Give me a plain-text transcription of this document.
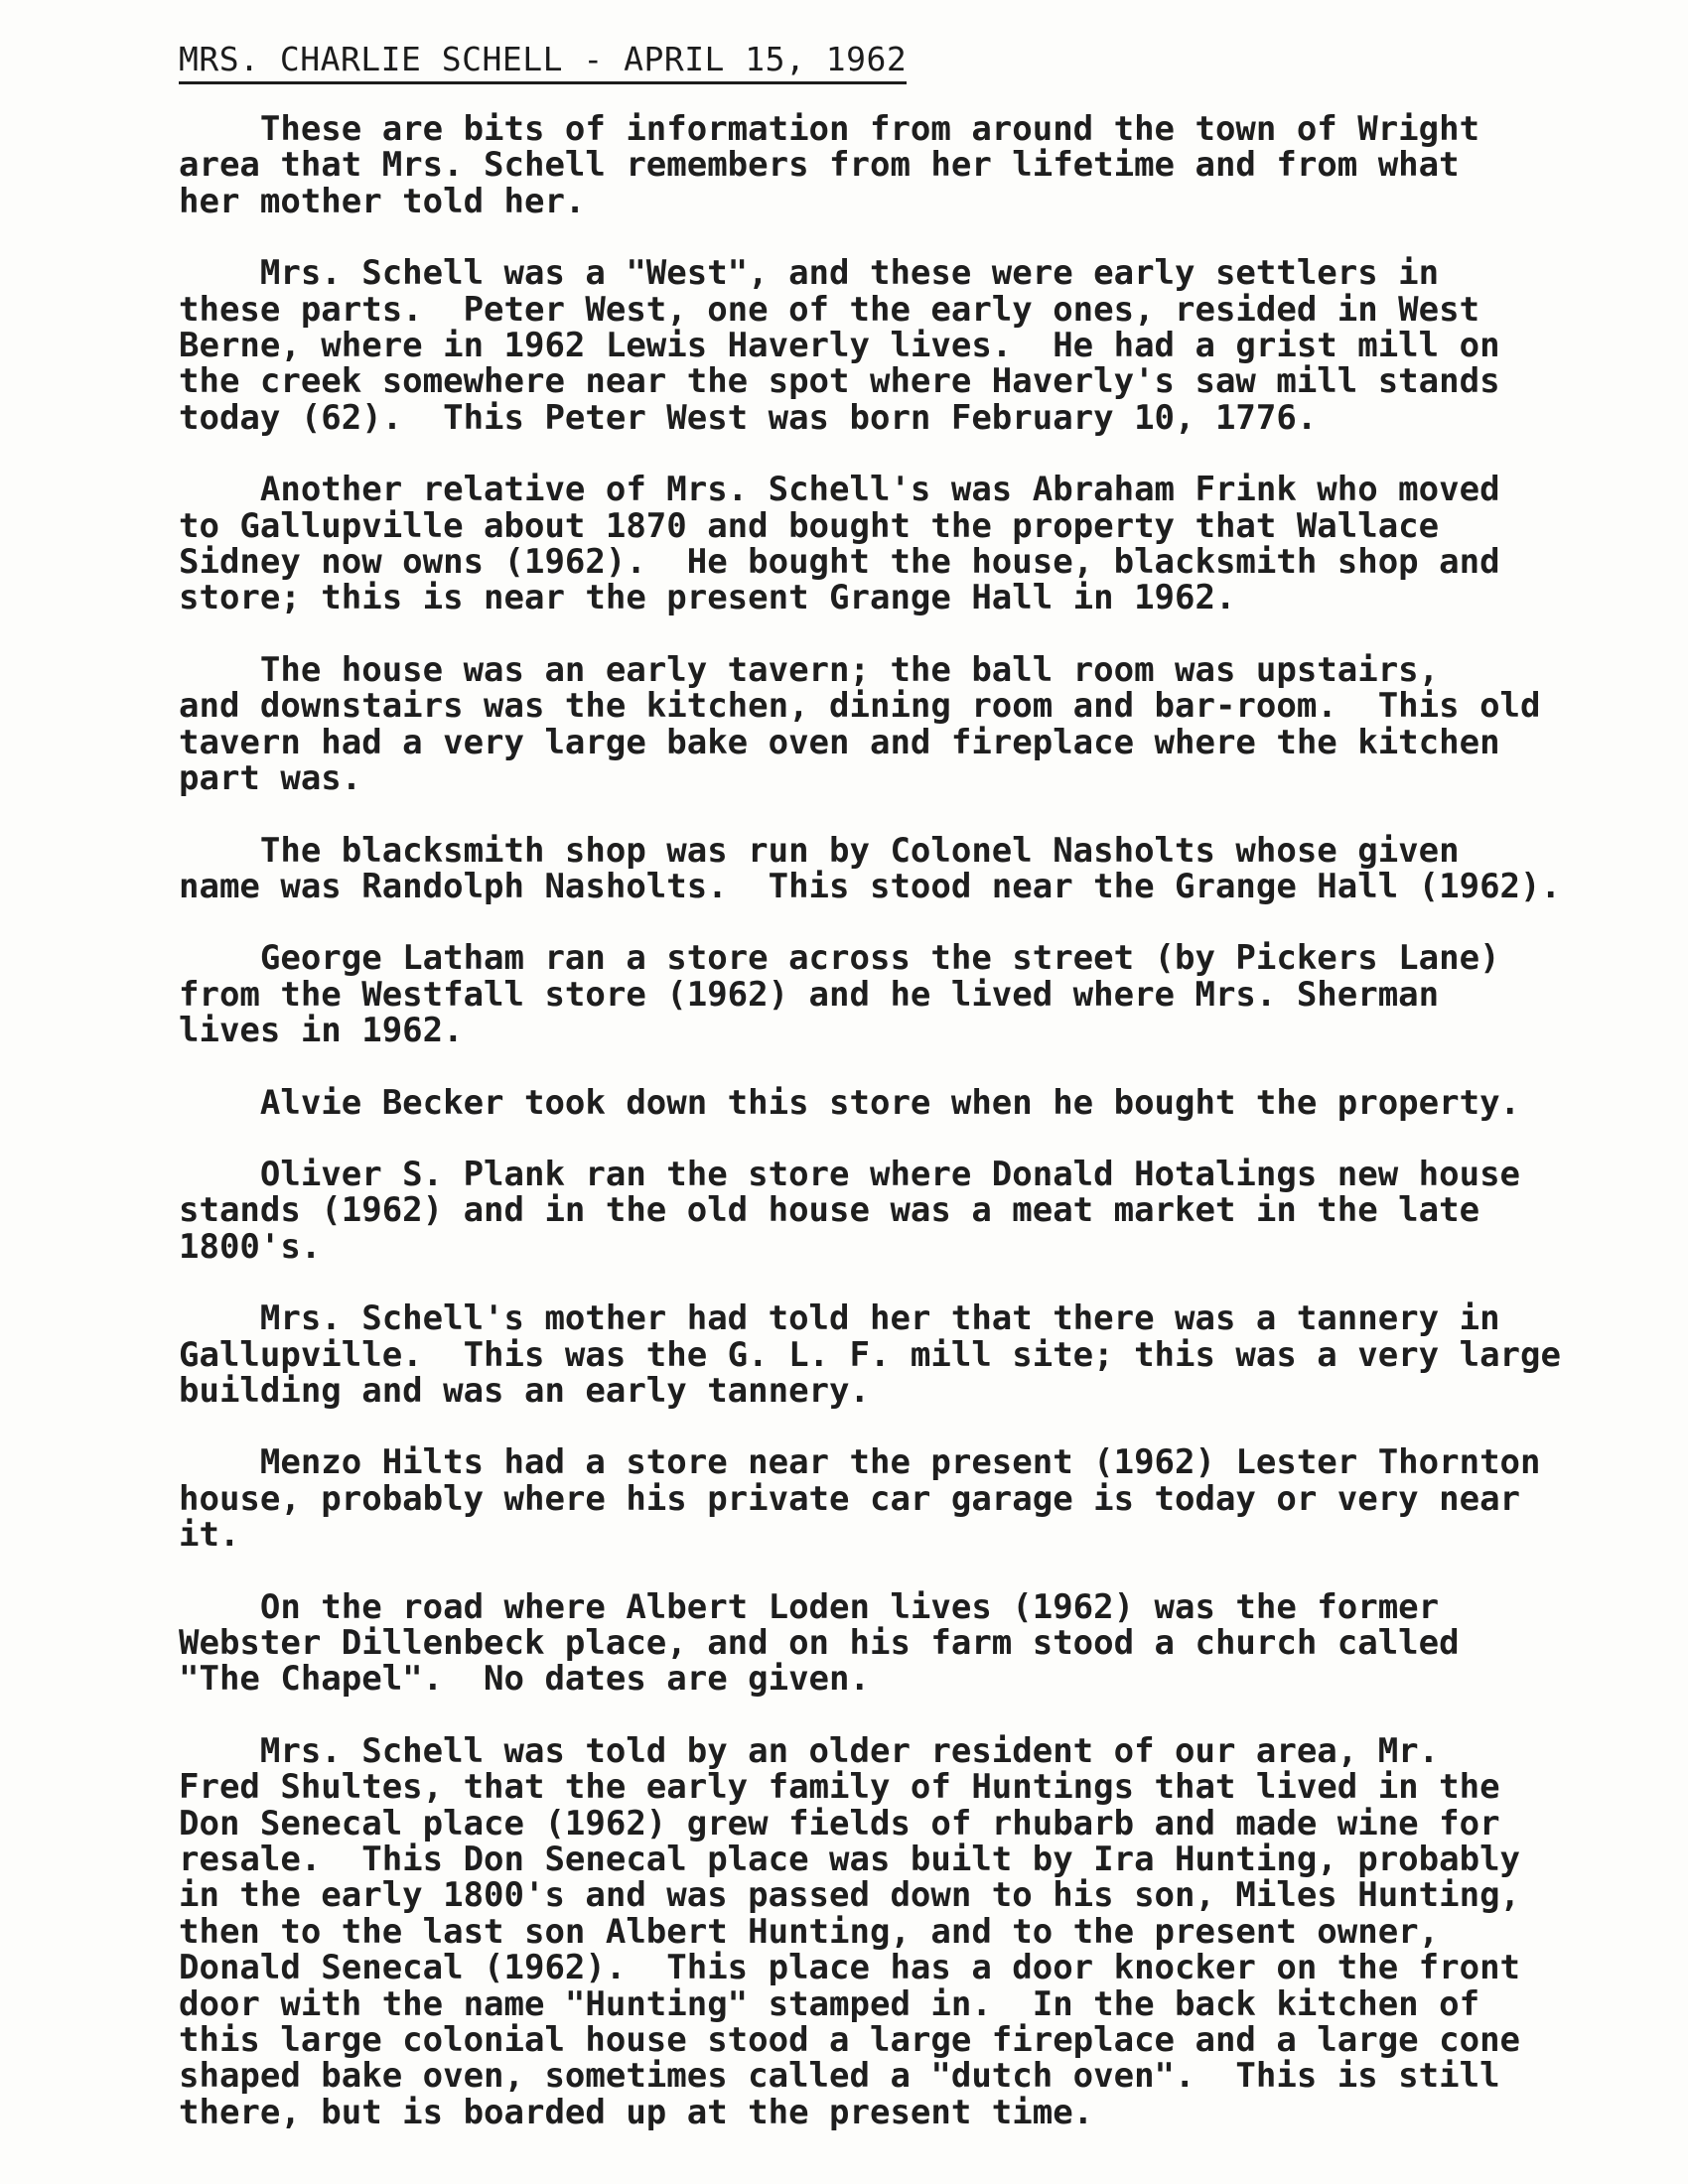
MRS. CHARLIE SCHELL - APRIL 15, 1962

These are bits of information from around the town of Wright
area that Mrs. Schell remembers from her lifetime and from what
her mother told her.

Mrs. Schell was a "West", and these were early settlers in
these parts.  Peter West, one of the early ones, resided in West
Berne, where in 1962 Lewis Haverly lives.  He had a grist mill on
the creek somewhere near the spot where Haverly's saw mill stands
today (62).  This Peter West was born February 10, 1776.

Another relative of Mrs. Schell's was Abraham Frink who moved
to Gallupville about 1870 and bought the property that Wallace
Sidney now owns (1962).  He bought the house, blacksmith shop and
store; this is near the present Grange Hall in 1962.

The house was an early tavern; the ball room was upstairs,
and downstairs was the kitchen, dining room and bar-room.  This old
tavern had a very large bake oven and fireplace where the kitchen
part was.

The blacksmith shop was run by Colonel Nasholts whose given
name was Randolph Nasholts.  This stood near the Grange Hall (1962).

George Latham ran a store across the street (by Pickers Lane)
from the Westfall store (1962) and he lived where Mrs. Sherman
lives in 1962.

Alvie Becker took down this store when he bought the property.

Oliver S. Plank ran the store where Donald Hotalings new house
stands (1962) and in the old house was a meat market in the late
1800's.

Mrs. Schell's mother had told her that there was a tannery in
Gallupville.  This was the G. L. F. mill site; this was a very large
building and was an early tannery.

Menzo Hilts had a store near the present (1962) Lester Thornton
house, probably where his private car garage is today or very near
it.

On the road where Albert Loden lives (1962) was the former
Webster Dillenbeck place, and on his farm stood a church called
"The Chapel".  No dates are given.

Mrs. Schell was told by an older resident of our area, Mr.
Fred Shultes, that the early family of Huntings that lived in the
Don Senecal place (1962) grew fields of rhubarb and made wine for
resale.  This Don Senecal place was built by Ira Hunting, probably
in the early 1800's and was passed down to his son, Miles Hunting,
then to the last son Albert Hunting, and to the present owner,
Donald Senecal (1962).  This place has a door knocker on the front
door with the name "Hunting" stamped in.  In the back kitchen of
this large colonial house stood a large fireplace and a large cone
shaped bake oven, sometimes called a "dutch oven".  This is still
there, but is boarded up at the present time.
